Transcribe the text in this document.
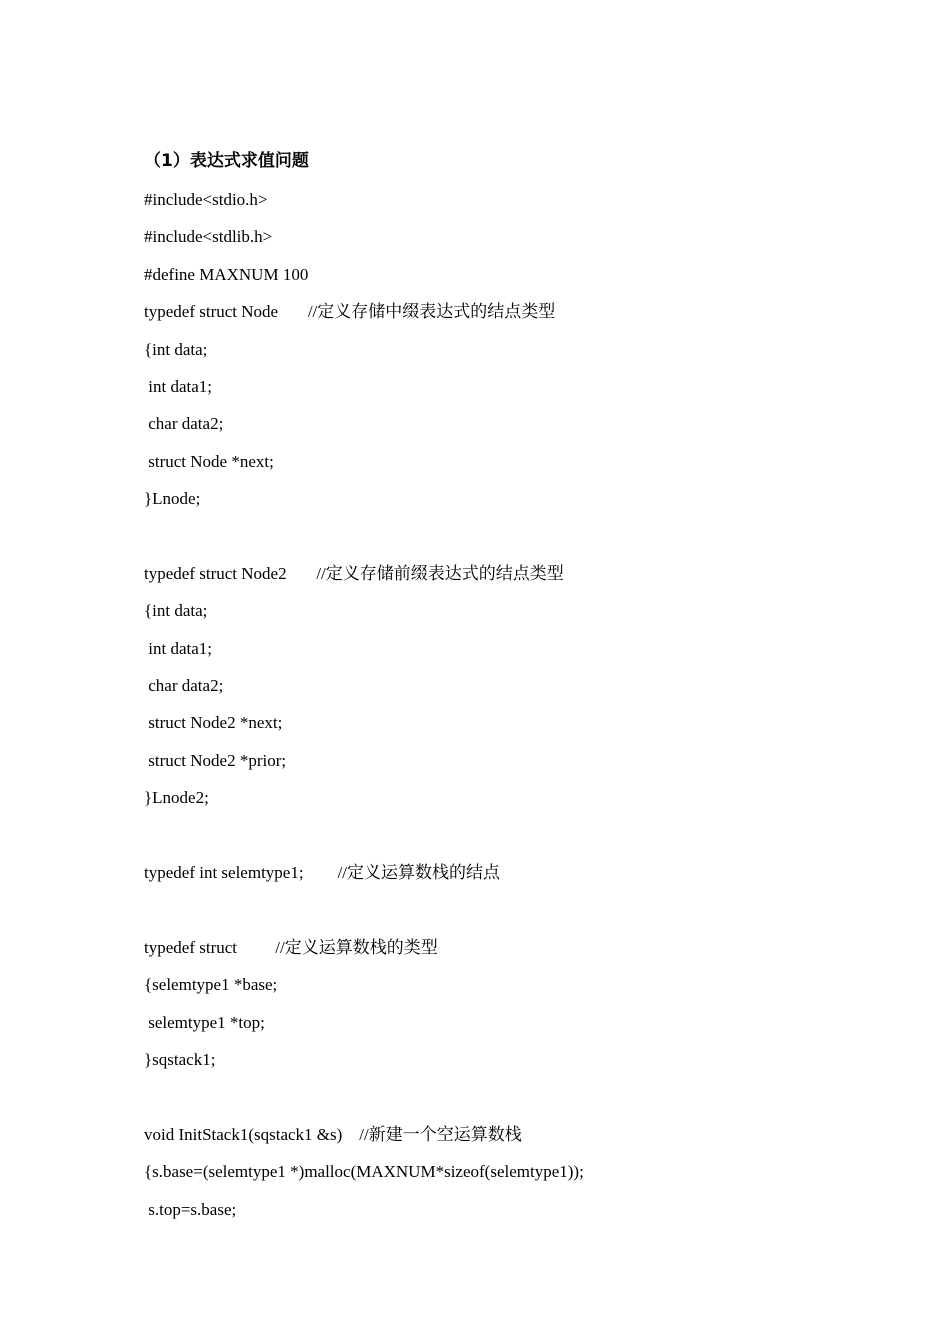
（1）表达式求值问题
#include<stdio.h>
#include<stdlib.h>
#define MAXNUM 100
typedef struct Node       //定义存储中缀表达式的结点类型
{int data;
int data1;
char data2;
struct Node *next;
}Lnode;
typedef struct Node2       //定义存储前缀表达式的结点类型
{int data;
int data1;
char data2;
struct Node2 *next;
struct Node2 *prior;
}Lnode2;
typedef int selemtype1;        //定义运算数栈的结点
typedef struct         //定义运算数栈的类型
{selemtype1 *base;
selemtype1 *top;
}sqstack1;
void InitStack1(sqstack1 &s)    //新建一个空运算数栈
{s.base=(selemtype1 *)malloc(MAXNUM*sizeof(selemtype1));
s.top=s.base;
